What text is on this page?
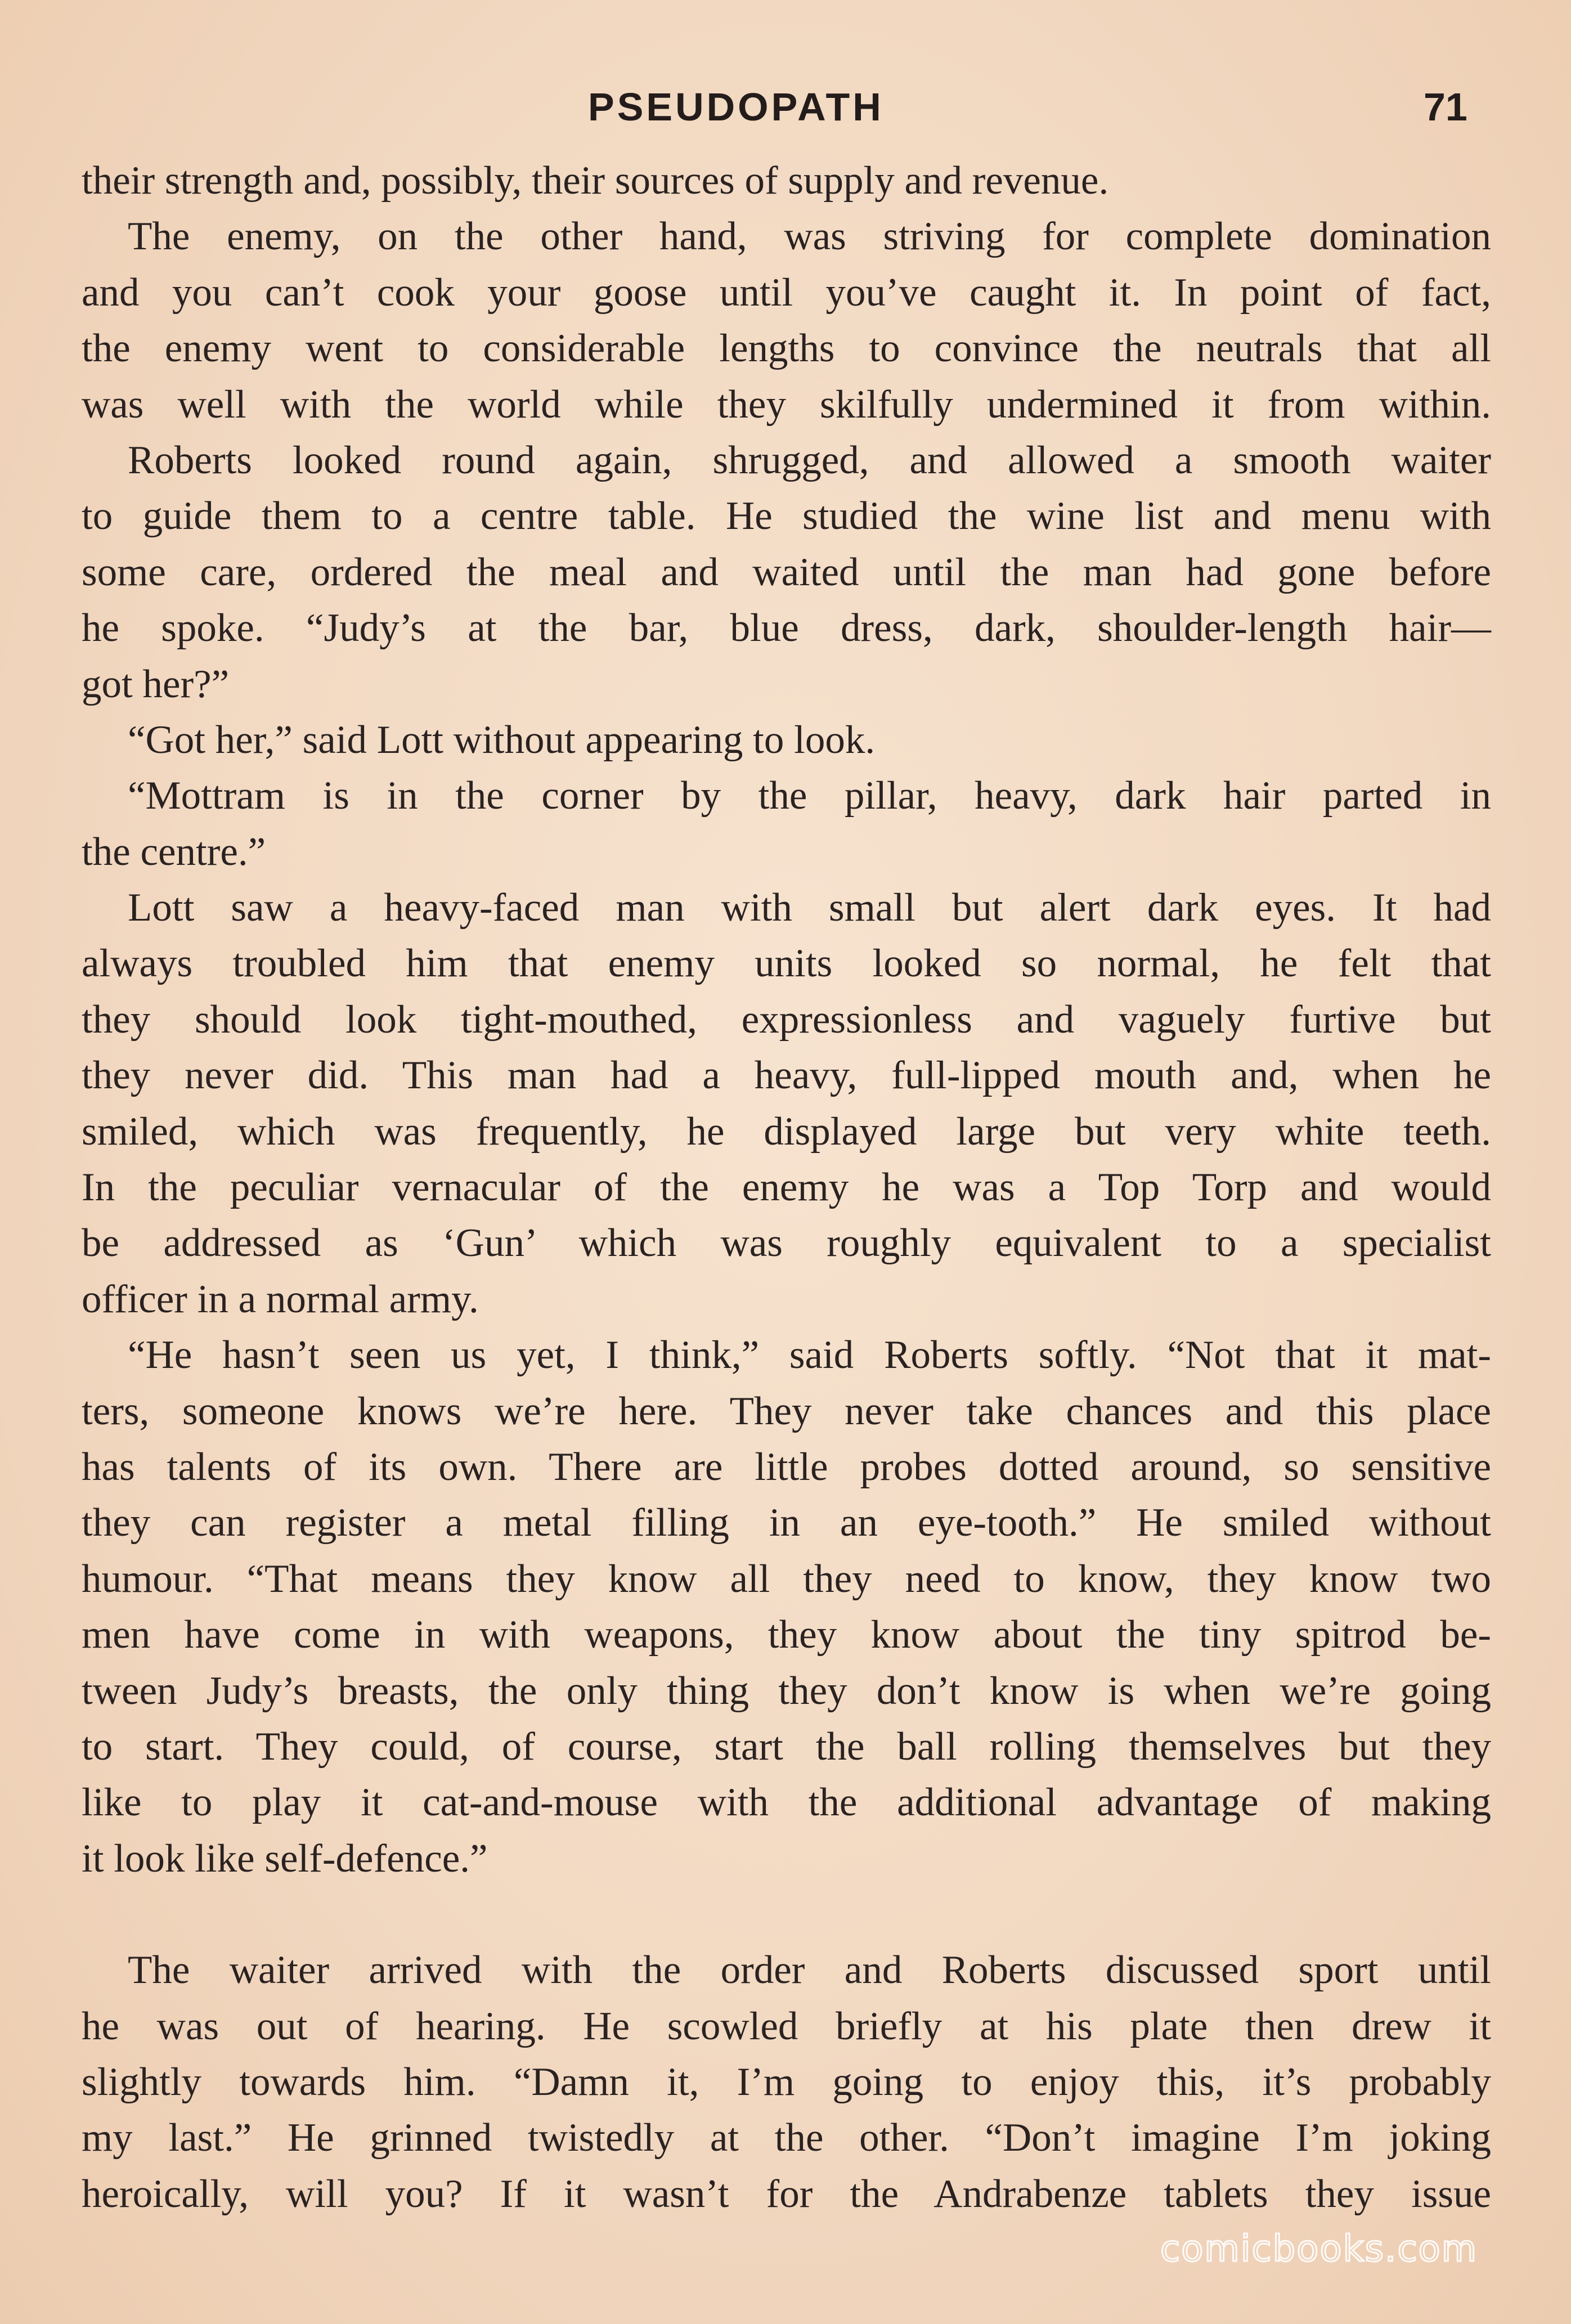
PSEUDOPATH	71
their strength and, possibly, their sources of supply and revenue.
The enemy, on the other hand, was striving for complete domination
and you can’t cook your goose until you’ve caught it. In point of fact,
the enemy went to considerable lengths to convince the neutrals that all
was well with the world while they skilfully undermined it from within.
Roberts looked round again, shrugged, and allowed a smooth waiter
to guide them to a centre table. He studied the wine list and menu with
some care, ordered the meal and waited until the man had gone before
he spoke. “Judy’s at the bar, blue dress, dark, shoulder-length hair—
got her?”
“Got her,” said Lott without appearing to look.
“Mottram is in the corner by the pillar, heavy, dark hair parted in
the centre.”
Lott saw a heavy-faced man with small but alert dark eyes. It had
always troubled him that enemy units looked so normal, he felt that
they should look tight-mouthed, expressionless and vaguely furtive but
they never did. This man had a heavy, full-lipped mouth and, when he
smiled, which was frequently, he displayed large but very white teeth.
In the peculiar vernacular of the enemy he was a Top Torp and would
be addressed as ‘Gun’ which was roughly equivalent to a specialist
officer in a normal army.
“He hasn’t seen us yet, I think,” said Roberts softly. “Not that it mat-
ters, someone knows we’re here. They never take chances and this place
has talents of its own. There are little probes dotted around, so sensitive
they can register a metal filling in an eye-tooth.” He smiled without
humour. “That means they know all they need to know, they know two
men have come in with weapons, they know about the tiny spitrod be-
tween Judy’s breasts, the only thing they don’t know is when we’re going
to start. They could, of course, start the ball rolling themselves but they
like to play it cat-and-mouse with the additional advantage of making
it look like self-defence.”
The waiter arrived with the order and Roberts discussed sport until
he was out of hearing. He scowled briefly at his plate then drew it
slightly towards him. “Damn it, I’m going to enjoy this, it’s probably
my last.” He grinned twistedly at the other. “Don’t imagine I’m joking
heroically, will you? If it wasn’t for the Andrabenze tablets they issue
comicbooks.com
